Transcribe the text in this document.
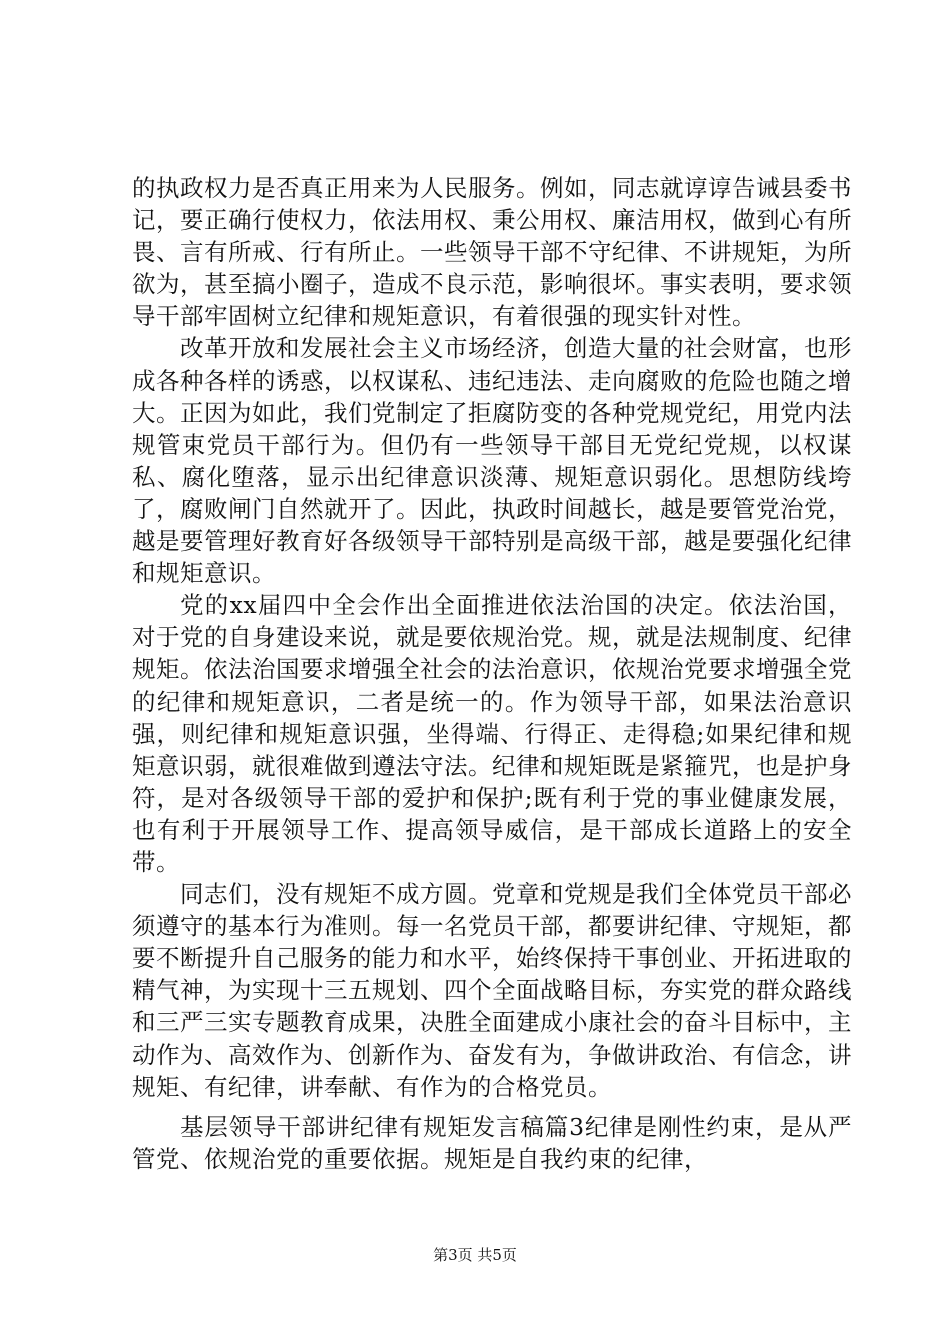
的执政权力是否真正用来为人民服务。例如，同志就谆谆告诫县委书记，要正确行使权力，依法用权、秉公用权、廉洁用权，做到心有所畏、言有所戒、行有所止。一些领导干部不守纪律、不讲规矩，为所欲为，甚至搞小圈子，造成不良示范，影响很坏。事实表明，要求领导干部牢固树立纪律和规矩意识，有着很强的现实针对性。

改革开放和发展社会主义市场经济，创造大量的社会财富，也形成各种各样的诱惑，以权谋私、违纪违法、走向腐败的危险也随之增大。正因为如此，我们党制定了拒腐防变的各种党规党纪，用党内法规管束党员干部行为。但仍有一些领导干部目无党纪党规，以权谋私、腐化堕落，显示出纪律意识淡薄、规矩意识弱化。思想防线垮了，腐败闸门自然就开了。因此，执政时间越长，越是要管党治党，越是要管理好教育好各级领导干部特别是高级干部，越是要强化纪律和规矩意识。

党的xx届四中全会作出全面推进依法治国的决定。依法治国，对于党的自身建设来说，就是要依规治党。规，就是法规制度、纪律规矩。依法治国要求增强全社会的法治意识，依规治党要求增强全党的纪律和规矩意识，二者是统一的。作为领导干部，如果法治意识强，则纪律和规矩意识强，坐得端、行得正、走得稳;如果纪律和规矩意识弱，就很难做到遵法守法。纪律和规矩既是紧箍咒，也是护身符，是对各级领导干部的爱护和保护;既有利于党的事业健康发展，也有利于开展领导工作、提高领导威信，是干部成长道路上的安全带。

同志们，没有规矩不成方圆。党章和党规是我们全体党员干部必须遵守的基本行为准则。每一名党员干部，都要讲纪律、守规矩，都要不断提升自己服务的能力和水平，始终保持干事创业、开拓进取的精气神，为实现十三五规划、四个全面战略目标，夯实党的群众路线和三严三实专题教育成果，决胜全面建成小康社会的奋斗目标中，主动作为、高效作为、创新作为、奋发有为，争做讲政治、有信念，讲规矩、有纪律，讲奉献、有作为的合格党员。

基层领导干部讲纪律有规矩发言稿篇3纪律是刚性约束，是从严管党、依规治党的重要依据。规矩是自我约束的纪律，

第3页 共5页
